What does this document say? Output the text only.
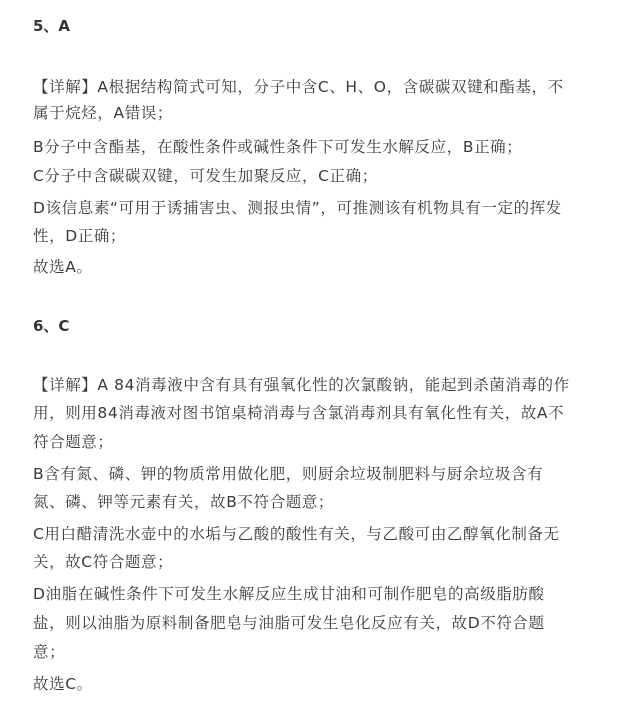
5、A
【详解】A根据结构简式可知，分子中含C、H、O，含碳碳双键和酯基，不
属于烷烃，A错误；
B分子中含酯基，在酸性条件或碱性条件下可发生水解反应，B正确；
C分子中含碳碳双键，可发生加聚反应，C正确；
D该信息素“可用于诱捕害虫、测报虫情”，可推测该有机物具有一定的挥发
性，D正确；
故选A。
6、C
【详解】A 84消毒液中含有具有强氧化性的次氯酸钠，能起到杀菌消毒的作
用，则用84消毒液对图书馆桌椅消毒与含氯消毒剂具有氧化性有关，故A不
符合题意；
B含有氮、磷、钾的物质常用做化肥，则厨余垃圾制肥料与厨余垃圾含有
氮、磷、钾等元素有关，故B不符合题意；
C用白醋清洗水壶中的水垢与乙酸的酸性有关，与乙酸可由乙醇氧化制备无
关，故C符合题意；
D油脂在碱性条件下可发生水解反应生成甘油和可制作肥皂的高级脂肪酸
盐，则以油脂为原料制备肥皂与油脂可发生皂化反应有关，故D不符合题
意；
故选C。
